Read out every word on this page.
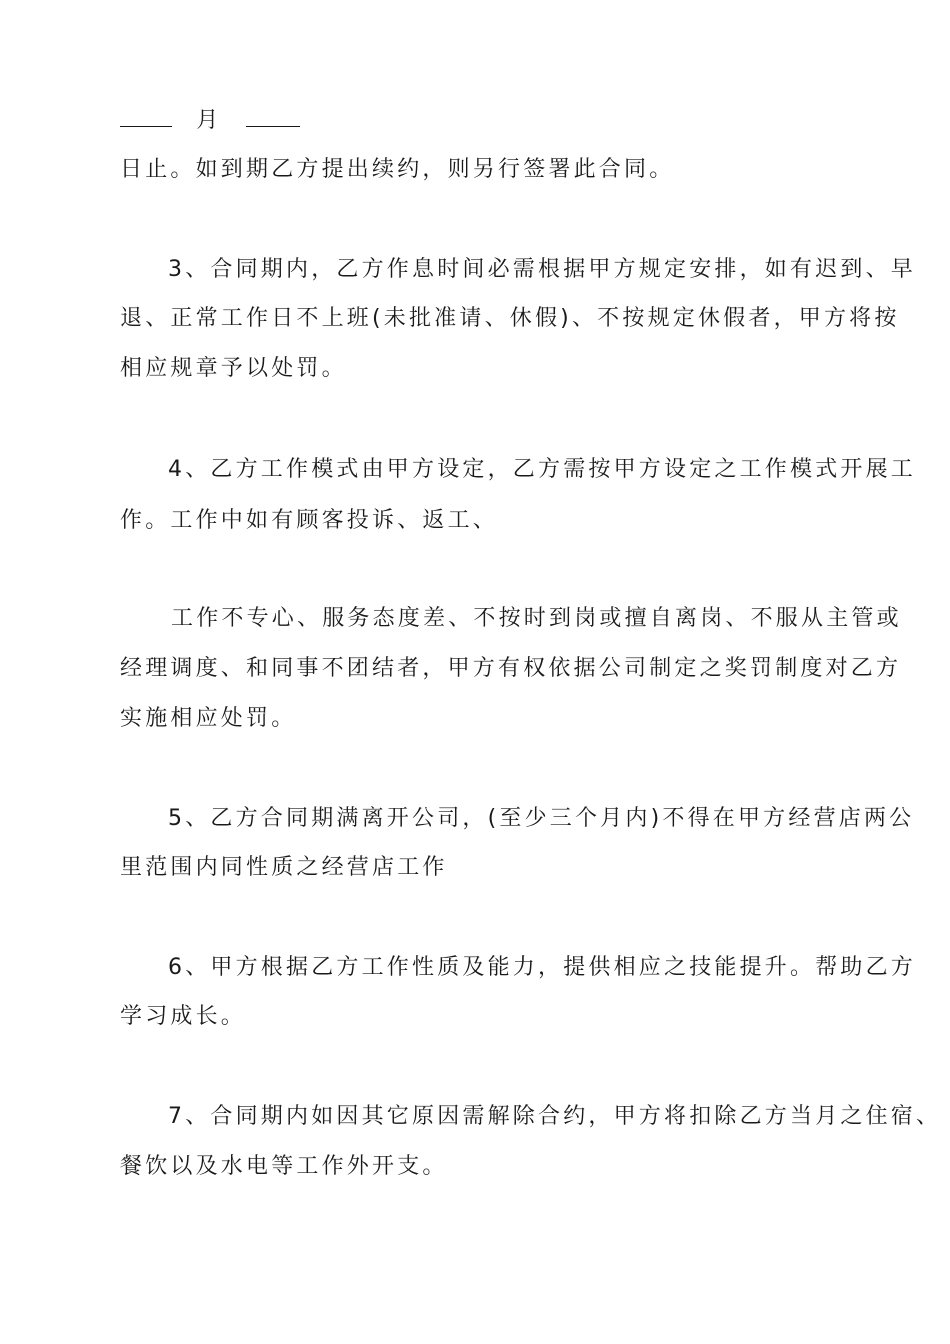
月
日止。如到期乙方提出续约，则另行签署此合同。
3、合同期内，乙方作息时间必需根据甲方规定安排，如有迟到、早
退、正常工作日不上班(未批准请、休假)、不按规定休假者，甲方将按
相应规章予以处罚。
4、乙方工作模式由甲方设定，乙方需按甲方设定之工作模式开展工
作。工作中如有顾客投诉、返工、
工作不专心、服务态度差、不按时到岗或擅自离岗、不服从主管或
经理调度、和同事不团结者，甲方有权依据公司制定之奖罚制度对乙方
实施相应处罚。
5、乙方合同期满离开公司，(至少三个月内)不得在甲方经营店两公
里范围内同性质之经营店工作
6、甲方根据乙方工作性质及能力，提供相应之技能提升。帮助乙方
学习成长。
7、合同期内如因其它原因需解除合约，甲方将扣除乙方当月之住宿、
餐饮以及水电等工作外开支。
